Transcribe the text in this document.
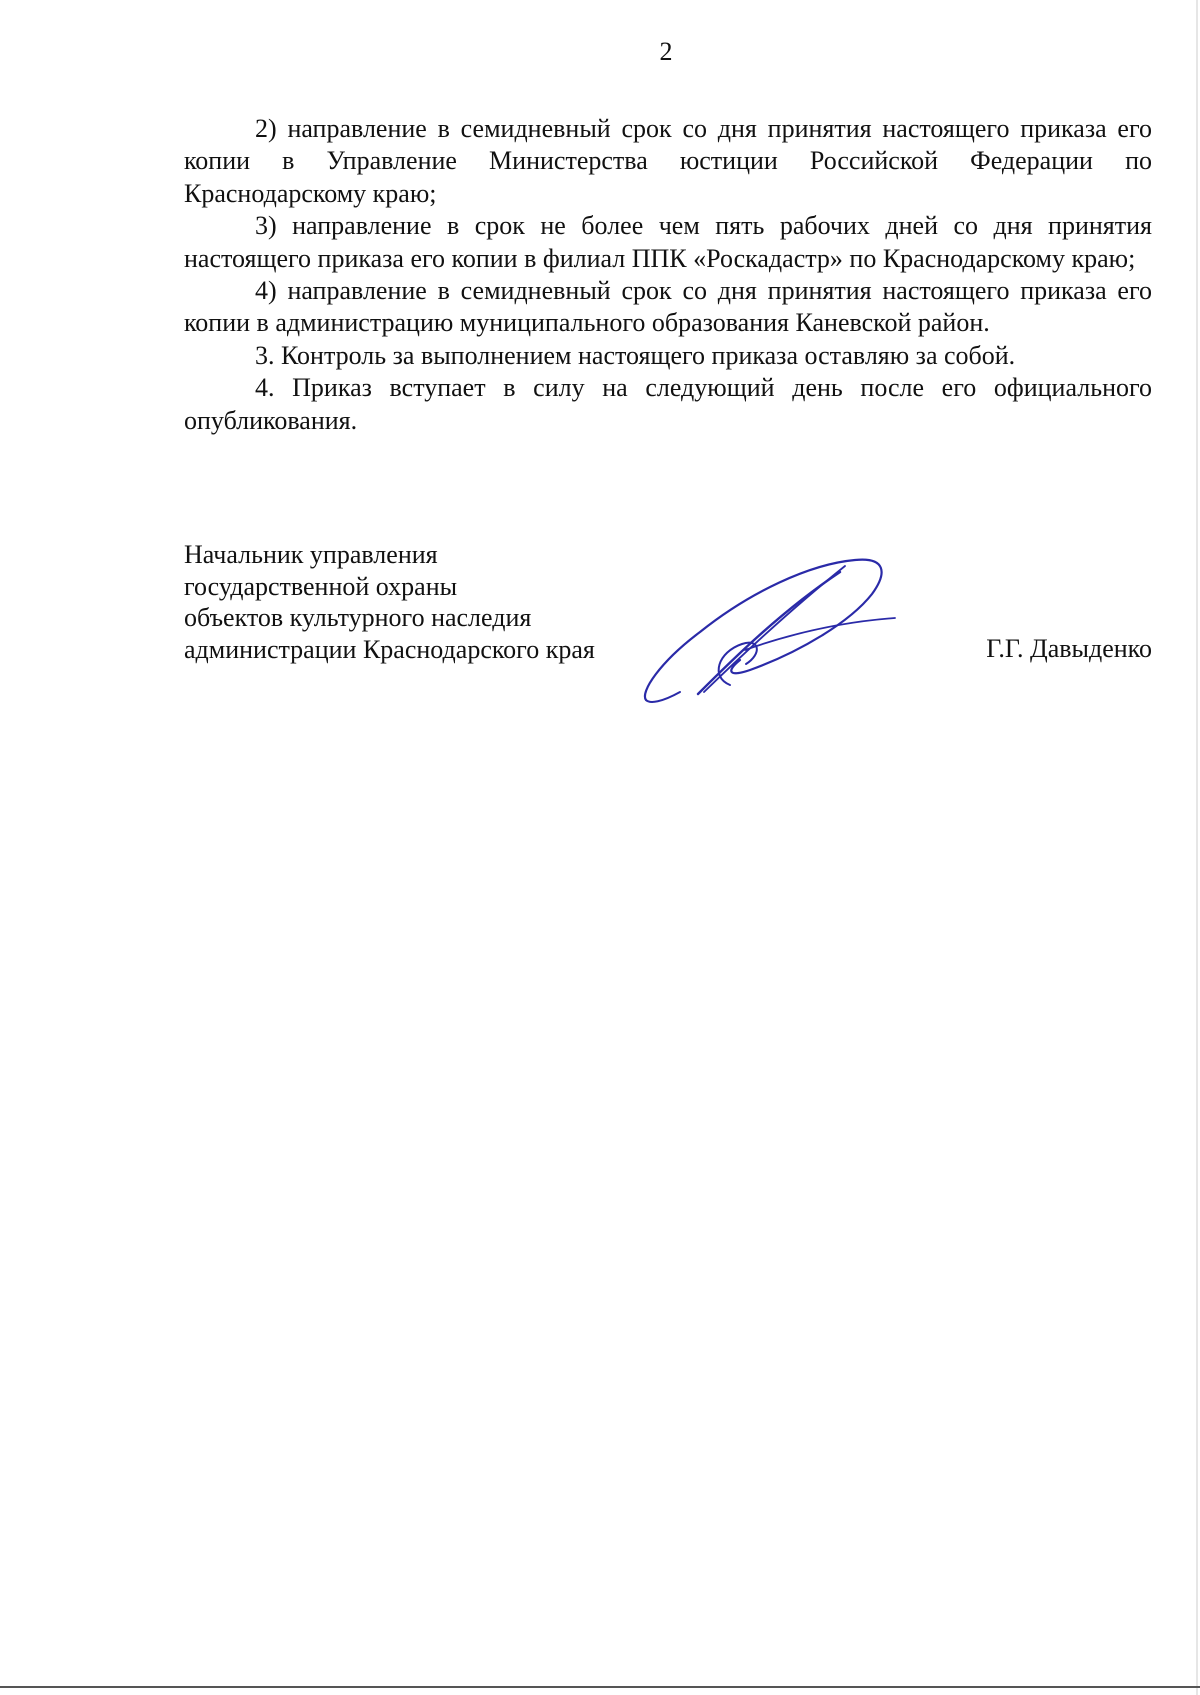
2

2) направление в семидневный срок со дня принятия настоящего приказа его копии в Управление Министерства юстиции Российской Федерации по Краснодарскому краю;

3) направление в срок не более чем пять рабочих дней со дня принятия настоящего приказа его копии в филиал ППК «Роскадастр» по Краснодарскому краю;

4) направление в семидневный срок со дня принятия настоящего приказа его копии в администрацию муниципального образования Каневской район.

3. Контроль за выполнением настоящего приказа оставляю за собой.

4. Приказ вступает в силу на следующий день после его официального опубликования.

Начальник управления
государственной охраны
объектов культурного наследия
администрации Краснодарского края	Г.Г. Давыденко
